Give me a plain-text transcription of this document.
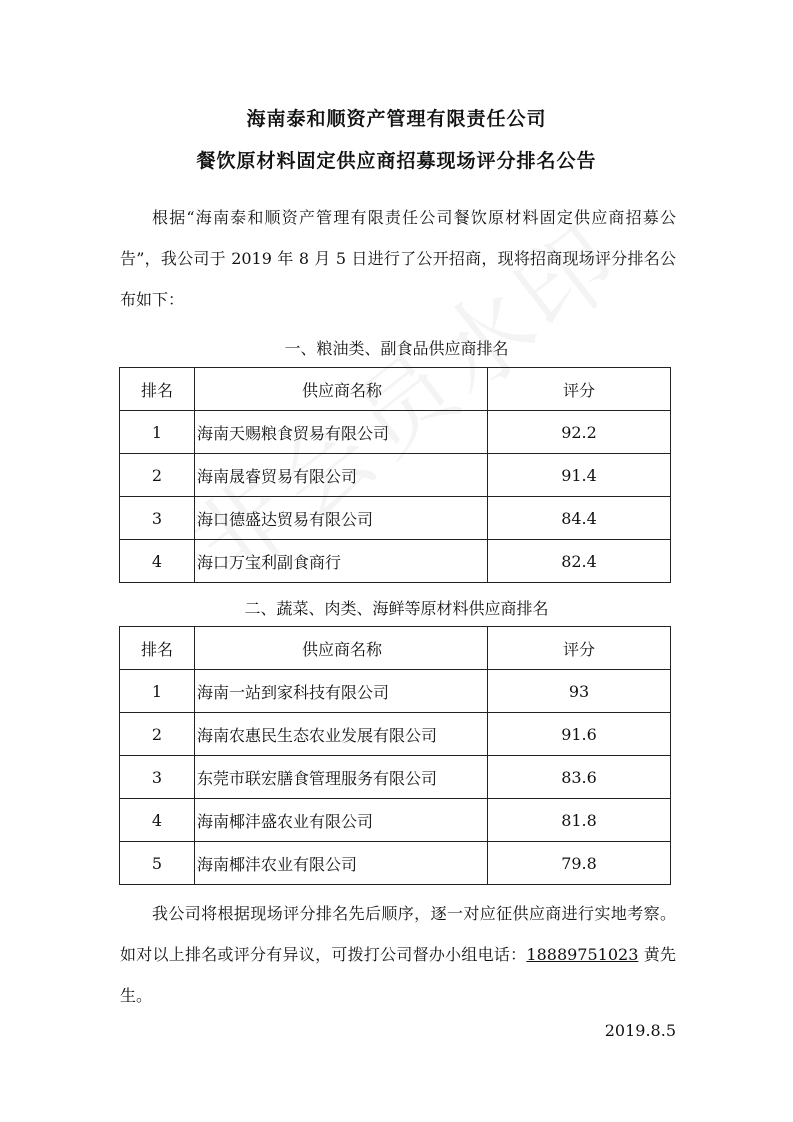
海南泰和顺资产管理有限责任公司
餐饮原材料固定供应商招募现场评分排名公告
根据“海南泰和顺资产管理有限责任公司餐饮原材料固定供应商招募公告”，我公司于 2019 年 8 月 5 日进行了公开招商，现将招商现场评分排名公布如下：
一、粮油类、副食品供应商排名
排名	供应商名称	评分
1	海南天赐粮食贸易有限公司	92.2
2	海南晟睿贸易有限公司	91.4
3	海口德盛达贸易有限公司	84.4
4	海口万宝利副食商行	82.4
二、蔬菜、肉类、海鲜等原材料供应商排名
排名	供应商名称	评分
1	海南一站到家科技有限公司	93
2	海南农惠民生态农业发展有限公司	91.6
3	东莞市联宏膳食管理服务有限公司	83.6
4	海南椰沣盛农业有限公司	81.8
5	海南椰沣农业有限公司	79.8
我公司将根据现场评分排名先后顺序，逐一对应征供应商进行实地考察。如对以上排名或评分有异议，可拨打公司督办小组电话：18889751023 黄先生。
2019.8.5
